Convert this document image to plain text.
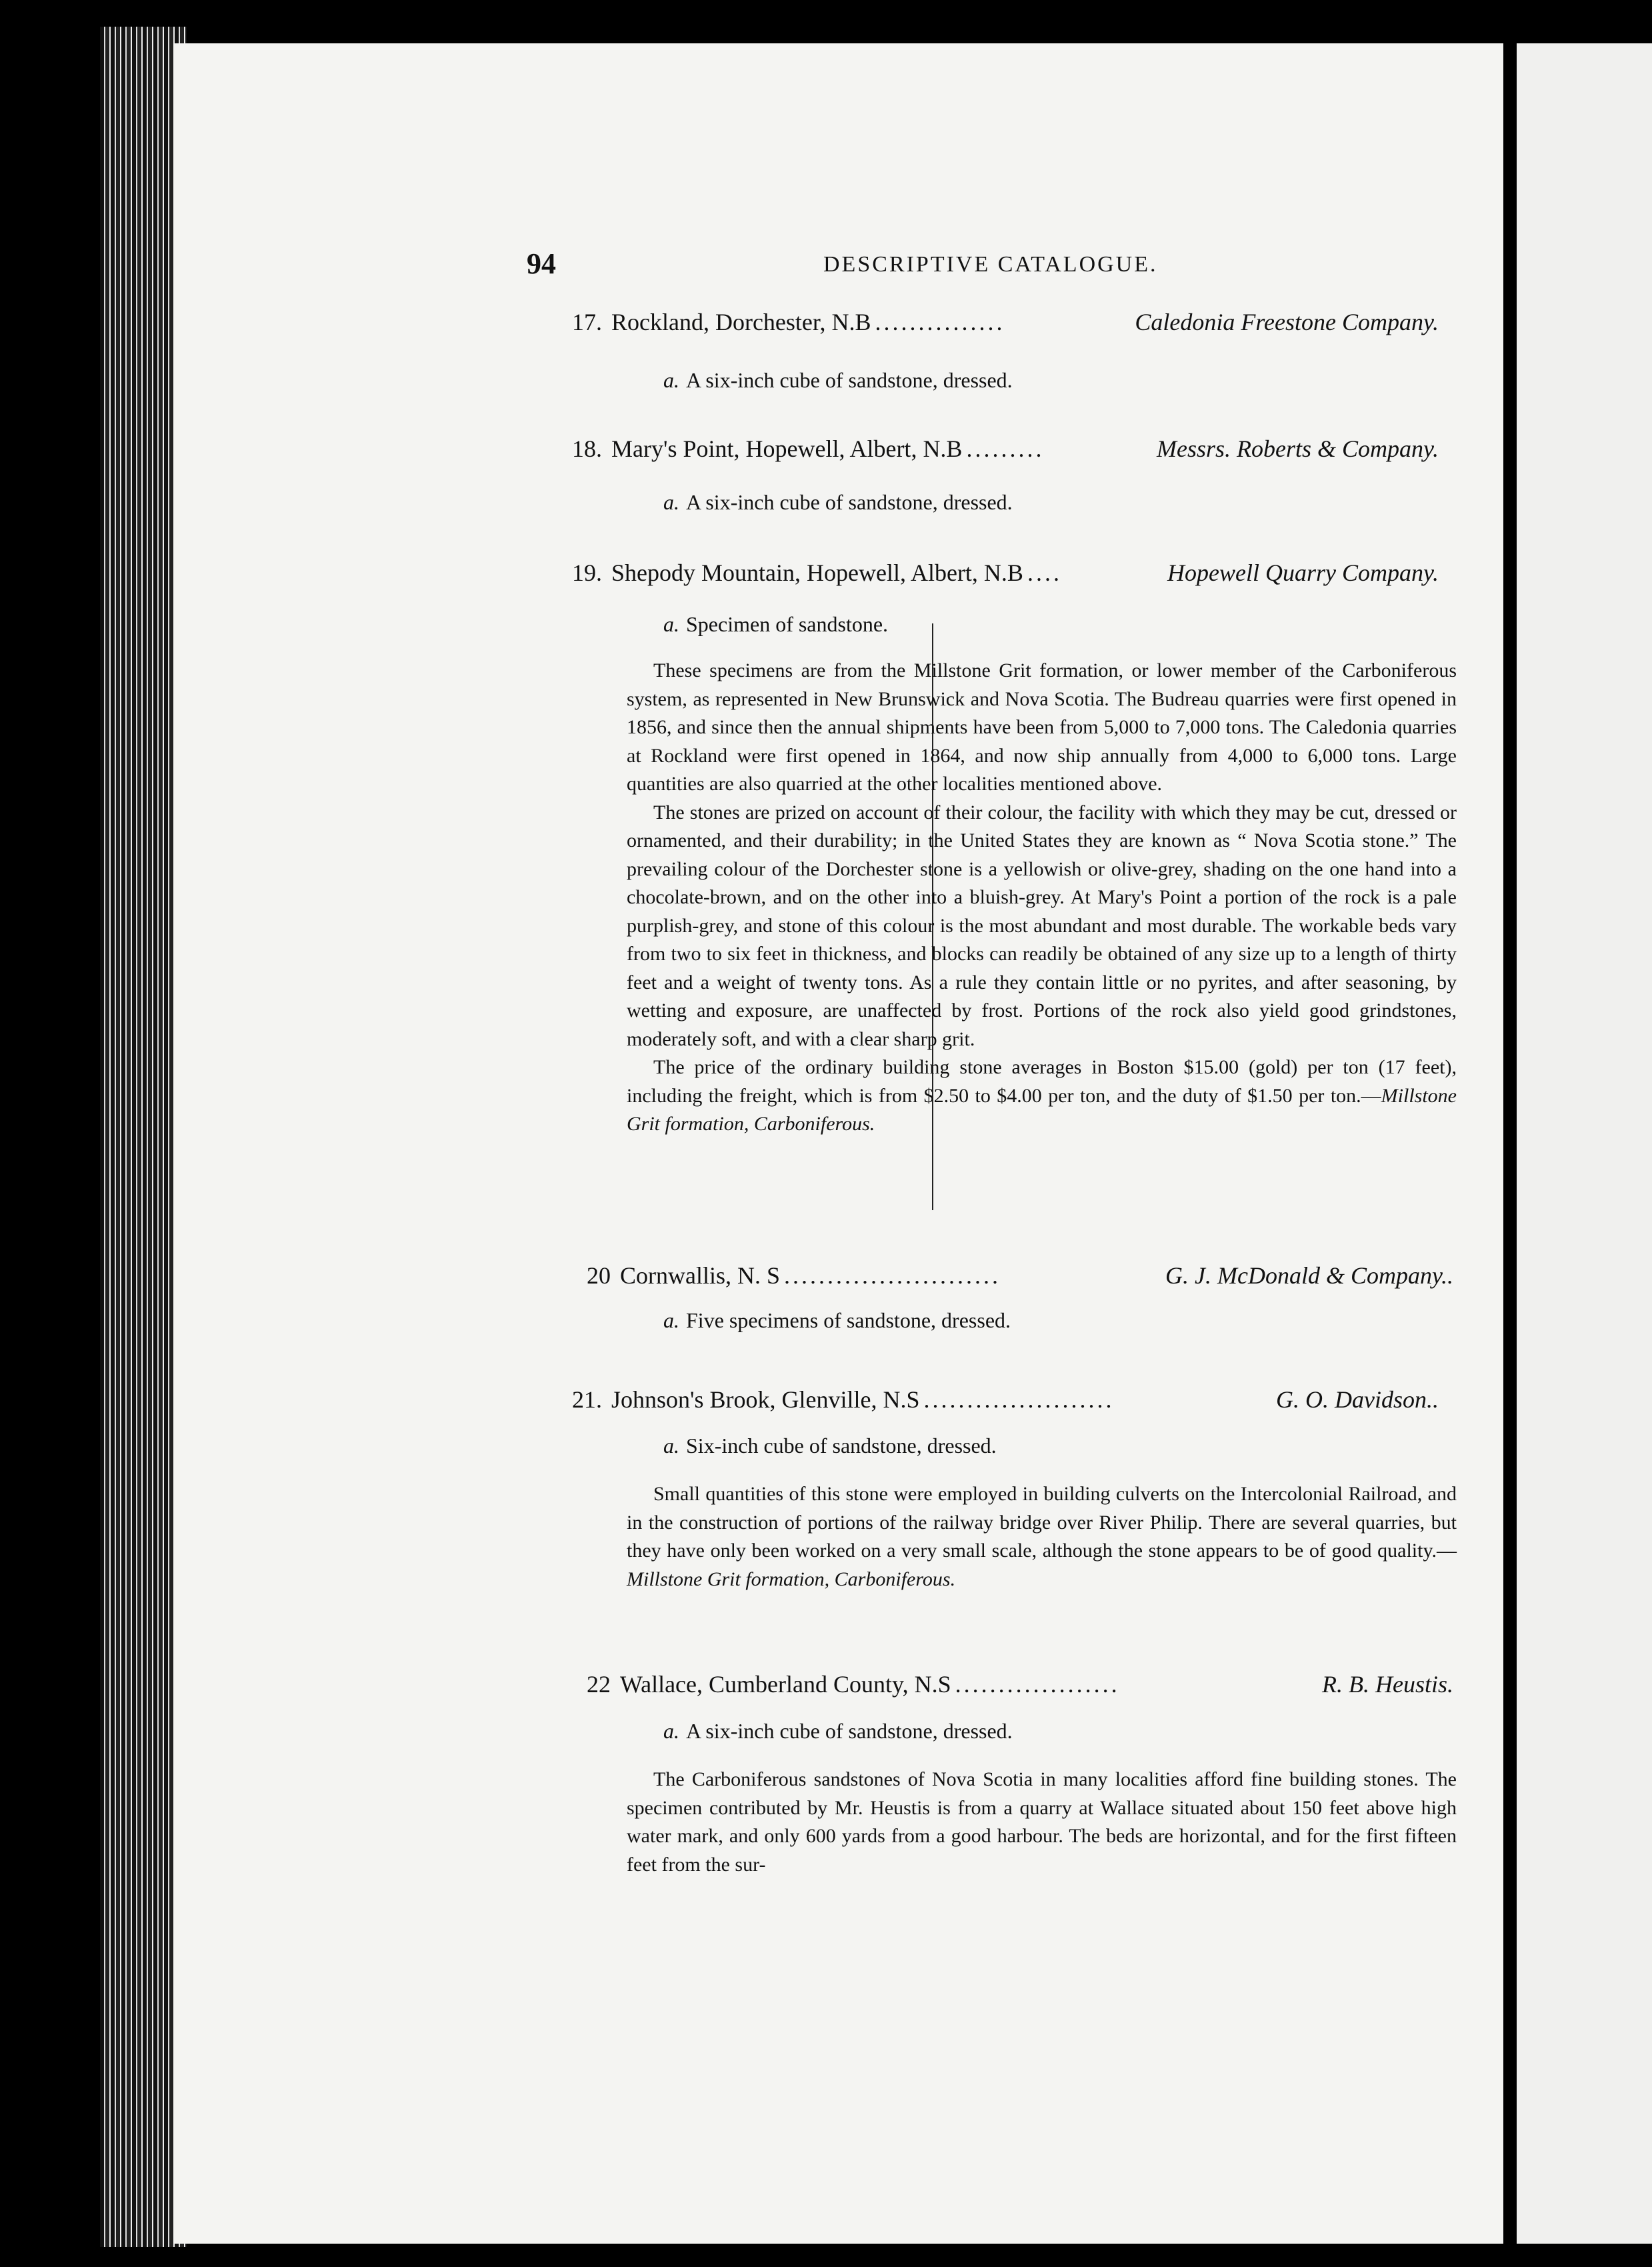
94	DESCRIPTIVE CATALOGUE.
17. Rockland, Dorchester, N.B ...............	Caledonia Freestone Company.
a. A six-inch cube of sandstone, dressed.
18. Mary's Point, Hopewell, Albert, N.B .........	Messrs. Roberts & Company.
a. A six-inch cube of sandstone, dressed.
19. Shepody Mountain, Hopewell, Albert, N.B ....	Hopewell Quarry Company.
a. Specimen of sandstone.

These specimens are from the Millstone Grit formation, or lower member of the Carboniferous system, as represented in New Brunswick and Nova Scotia. The Budreau quarries were first opened in 1856, and since then the annual shipments have been from 5,000 to 7,000 tons. The Caledonia quarries at Rockland were first opened in 1864, and now ship annually from 4,000 to 6,000 tons. Large quantities are also quarried at the other localities mentioned above.

The stones are prized on account of their colour, the facility with which they may be cut, dressed or ornamented, and their durability; in the United States they are known as “ Nova Scotia stone.” The prevailing colour of the Dorchester stone is a yellowish or olive-grey, shading on the one hand into a chocolate-brown, and on the other into a bluish-grey. At Mary's Point a portion of the rock is a pale purplish-grey, and stone of this colour is the most abundant and most durable. The workable beds vary from two to six feet in thickness, and blocks can readily be obtained of any size up to a length of thirty feet and a weight of twenty tons. As a rule they contain little or no pyrites, and after seasoning, by wetting and exposure, are unaffected by frost. Portions of the rock also yield good grindstones, moderately soft, and with a clear sharp grit.

The price of the ordinary building stone averages in Boston $15.00 (gold) per ton (17 feet), including the freight, which is from $2.50 to $4.00 per ton, and the duty of $1.50 per ton.—Millstone Grit formation, Carboniferous.

20 Cornwallis, N. S .........................	G. J. McDonald & Company..
a. Five specimens of sandstone, dressed.
21. Johnson's Brook, Glenville, N.S ......................	G. O. Davidson..
a. Six-inch cube of sandstone, dressed.

Small quantities of this stone were employed in building culverts on the Intercolonial Railroad, and in the construction of portions of the railway bridge over River Philip. There are several quarries, but they have only been worked on a very small scale, although the stone appears to be of good quality.—Millstone Grit formation, Carboniferous.

22 Wallace, Cumberland County, N.S ...................	R. B. Heustis.
a. A six-inch cube of sandstone, dressed.

The Carboniferous sandstones of Nova Scotia in many localities afford fine building stones. The specimen contributed by Mr. Heustis is from a quarry at Wallace situated about 150 feet above high water mark, and only 600 yards from a good harbour. The beds are horizontal, and for the first fifteen feet from the sur-
